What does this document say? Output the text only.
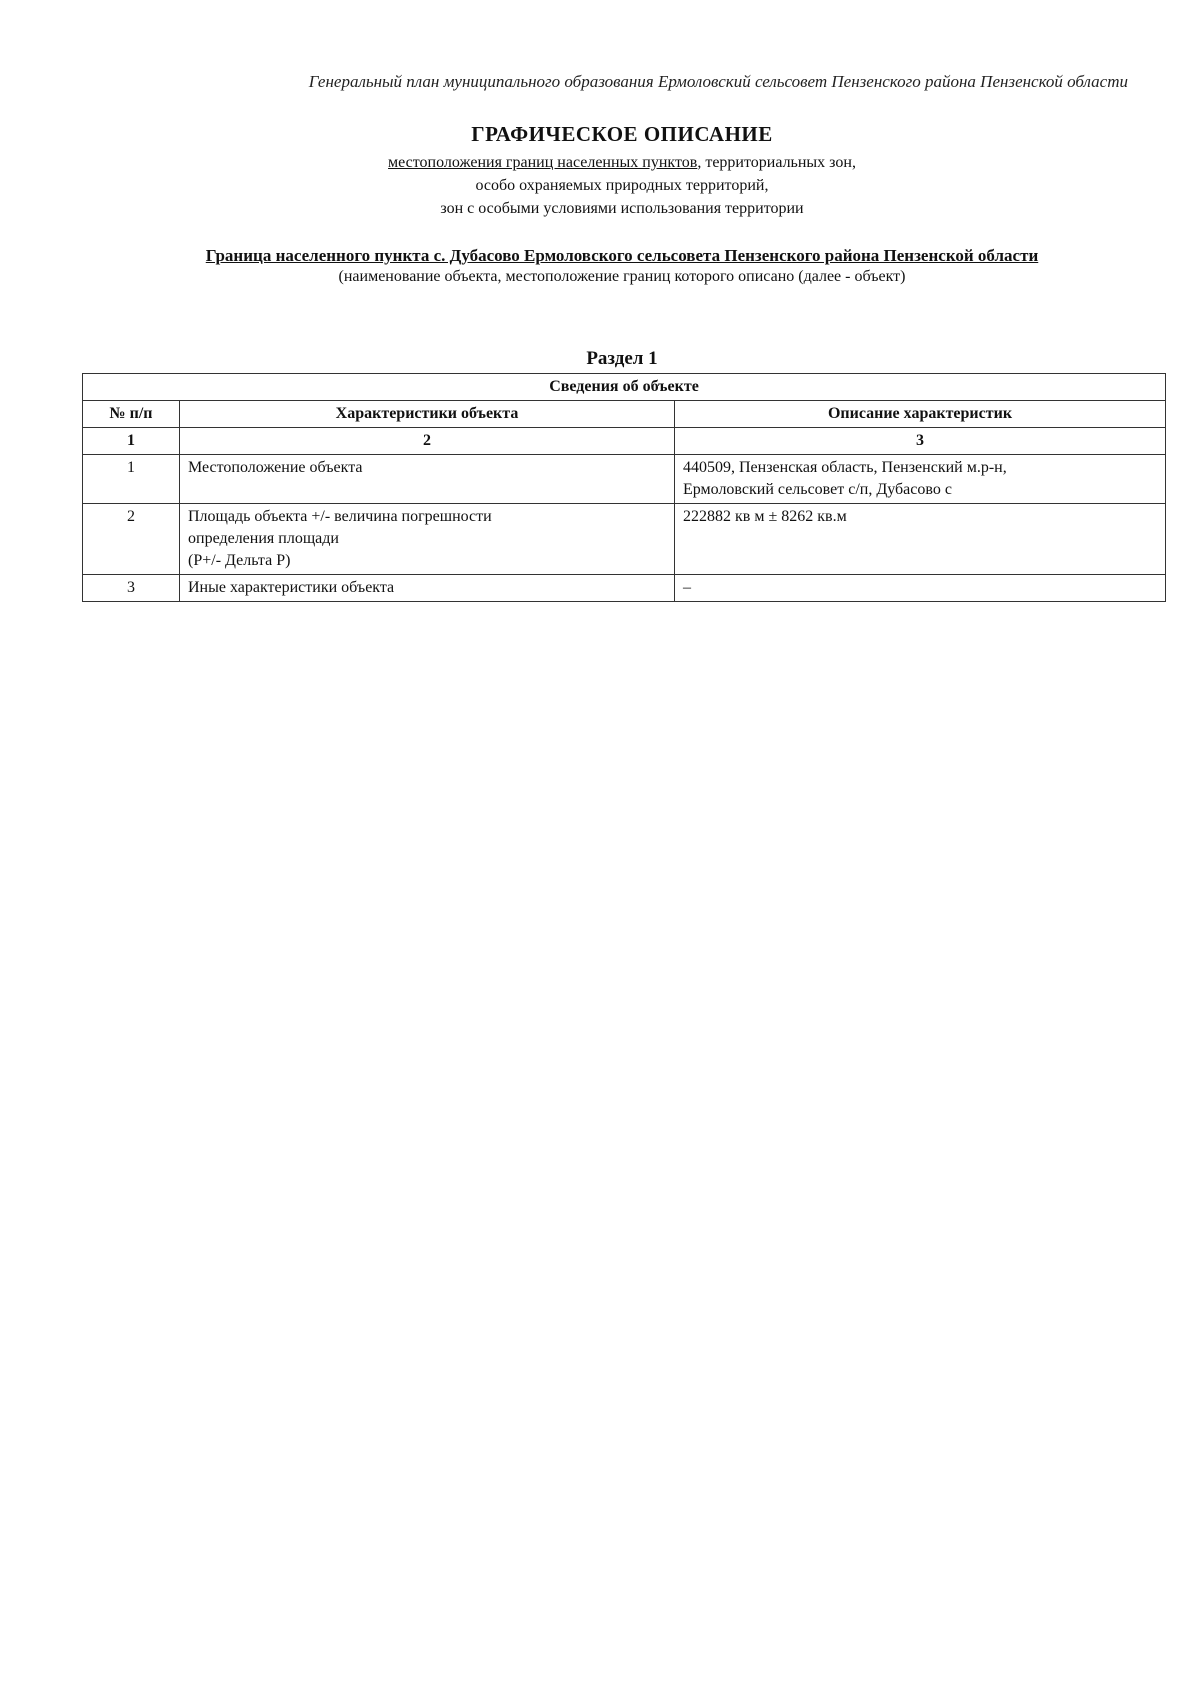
Генеральный план муниципального образования Ермоловский сельсовет Пензенского района Пензенской области
ГРАФИЧЕСКОЕ ОПИСАНИЕ

местоположения границ населенных пунктов, территориальных зон,

особо охраняемых природных территорий,

зон с особыми условиями использования территории

Граница населенного пункта с. Дубасово Ермоловского сельсовета Пензенского района Пензенской области

(наименование объекта, местоположение границ которого описано (далее - объект)

Раздел 1
Сведения об объекте		
№ п/п	Характеристики объекта	Описание характеристик
1	2	3
1	Местоположение объекта	440509, Пензенская область, Пензенский м.р-н,
Ермоловский сельсовет с/п, Дубасово с

2	Площадь объекта +/- величина погрешности
определения площади
(P+/- Дельта P)	222882 кв м ± 8262 кв.м
3	Иные характеристики объекта	–
